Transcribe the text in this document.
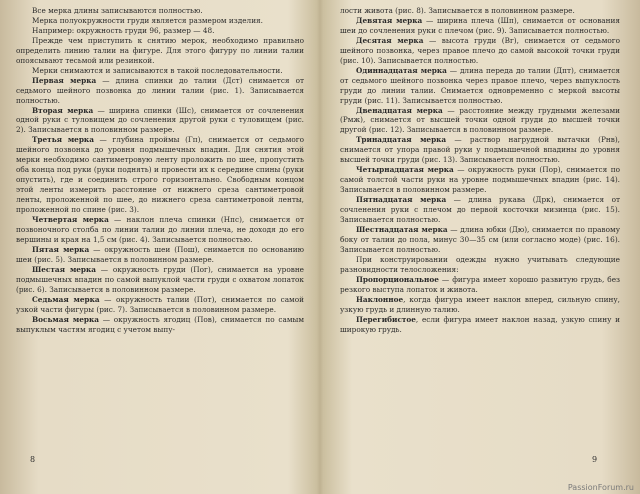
Все мерка длины записываются полностью.

Мерка полуокружности груди является размером изделия.

Например: окружность груди 96, размер — 48.

Прежде чем приступить к снятию мерок, необходимо правильно определить линию талии на фигуре. Для этого фигуру по линии талии опоясывают тесьмой или резинкой.

Мерки снимаются и записываются в такой последовательности.

Первая мерка — длина спинки до талии (Дст) снимается от седьмого шейного позвонка до линии талии (рис. 1). Записывается полностью.

Вторая мерка — ширина спинки (Шс), снимается от сочленения одной руки с туловищем до сочленения другой руки с туловищем (рис. 2). Записывается в половинном размере.

Третья мерка — глубина проймы (Гп), снимается от седьмого шейного позвонка до уровня подмышечных впадин. Для снятия этой мерки необходимо сантиметровую ленту проложить по шее, пропустить оба конца под руки (руки поднять) и провести их к середине спины (руки опустить), где и соединить строго горизонтально. Свободным концом этой ленты измерить расстояние от нижнего среза сантиметровой ленты, проложенной по шее, до нижнего среза сантиметровой ленты, проложенной по спине (рис. 3).

Четвертая мерка — наклон плеча спинки (Нпс), снимается от позвоночного столба по линии талии до линии плеча, не доходя до его вершины и края на 1,5 см (рис. 4). Записывается полностью.

Пятая мерка — окружность шеи (Пош), снимается по основанию шеи (рис. 5). Записывается в половинном размере.

Шестая мерка — окружность груди (Пог), снимается на уровне подмышечных впадин по самой выпуклой части груди с охватом лопаток (рис. 6). Записывается в половинном размере.

Седьмая мерка — окружность талии (Пот), снимается по самой узкой части фигуры (рис. 7). Записывается в половинном размере.

Восьмая мерка — окружность ягодиц (Пов), снимается по самым выпуклым частям ягодиц с учетом выпу-

8

лости живота (рис. 8). Записывается в половинном размере.

Девятая мерка — ширина плеча (Шп), снимается от основания шеи до сочленения руки с плечом (рис. 9). Записывается полностью.

Десятая мерка — высота груди (Вг), снимается от седьмого шейного позвонка, через правое плечо до самой высокой точки груди (рис. 10). Записывается полностью.

Одиннадцатая мерка — длина переда до талии (Дпт), снимается от седьмого шейного позвонка через правое плечо, через выпуклость груди до линии талии. Снимается одновременно с меркой высоты груди (рис. 11). Записывается полностью.

Двенадцатая мерка — расстояние между грудными железами (Рмж), снимается от высшей точки одной груди до высшей точки другой (рис. 12). Записывается в половинном размере.

Тринадцатая мерка — раствор нагрудной вытачки (Рнв), снимается от упора правой руки у подмышечной впадины до уровня высшей точки груди (рис. 13). Записывается полностью.

Четырнадцатая мерка — окружность руки (Пор), снимается по самой толстой части руки на уровне подмышечных впадин (рис. 14). Записывается в половинном размере.

Пятнадцатая мерка — длина рукава (Дрк), снимается от сочленения руки с плечом до первой косточки мизинца (рис. 15). Записывается полностью.

Шестнадцатая мерка — длина юбки (Дю), снимается по правому боку от талии до пола, минус 30—35 см (или согласно моде) (рис. 16). Записывается полностью.

При конструировании одежды нужно учитывать следующие разновидности телосложения:

Пропорциональное — фигура имеет хорошо развитую грудь, без резкого выступа лопаток и живота.

Наклонное, когда фигура имеет наклон вперед, сильную спину, узкую грудь и длинную талию.

Перегибистое, если фигура имеет наклон назад, узкую спину и широкую грудь.

9
PassionForum.ru
